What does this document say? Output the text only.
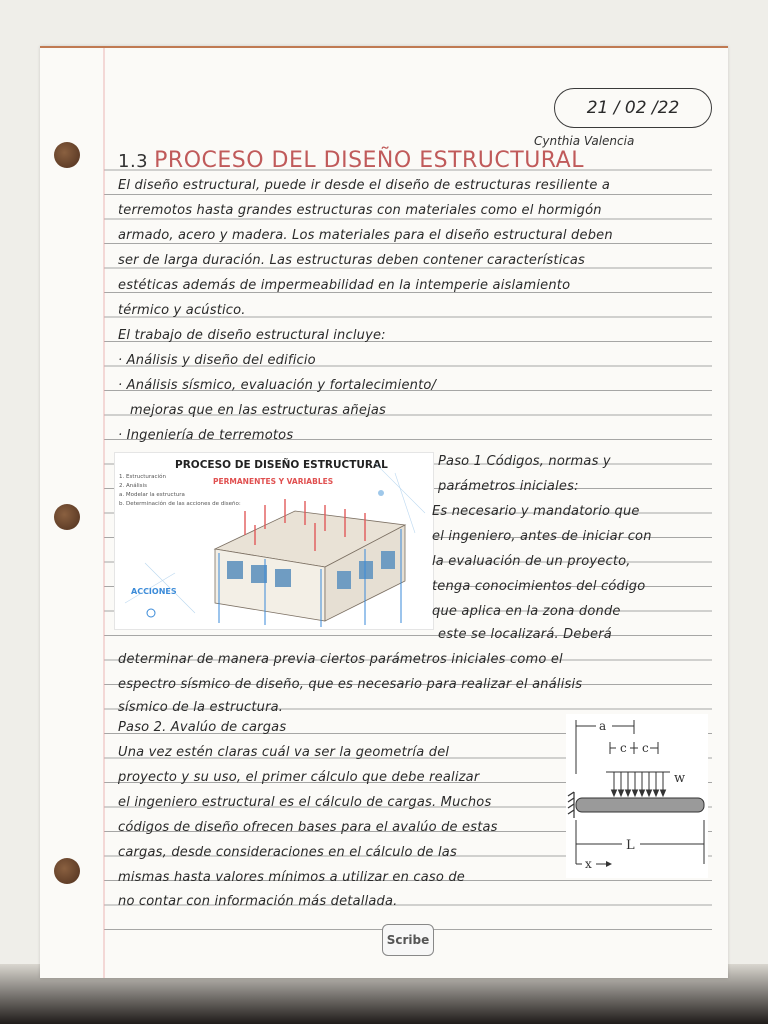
21 / 02 /22
Cynthia Valencia
1.3 PROCESO DEL DISEÑO ESTRUCTURAL
El diseño estructural, puede ir desde el diseño de estructuras resiliente a
terremotos hasta grandes estructuras con materiales como el hormigón
armado, acero y madera. Los materiales para el diseño estructural deben
ser de larga duración. Las estructuras deben contener características
estéticas además de impermeabilidad en la intemperie aislamiento
térmico y acústico.
El trabajo de diseño estructural incluye:
· Análisis y diseño del edificio
· Análisis sísmico, evaluación y fortalecimiento/
mejoras que en las estructuras añejas
· Ingeniería de terremotos
PROCESO DE DISEÑO ESTRUCTURAL
PERMANENTES Y VARIABLES
1. Estructuración
2. Análisis
a. Modelar la estructura
b. Determinación de las acciones de diseño:
ACCIONES
Paso 1 Códigos, normas y
parámetros iniciales:
Es necesario y mandatorio que
el ingeniero, antes de iniciar con
la evaluación de un proyecto,
tenga conocimientos del código
que aplica en la zona donde
este se localizará. Deberá
determinar de manera previa ciertos parámetros iniciales como el
espectro sísmico de diseño, que es necesario para realizar el análisis
sísmico de la estructura.
Paso 2. Avalúo de cargas
Una vez estén claras cuál va ser la geometría del
proyecto y su uso, el primer cálculo que debe realizar
el ingeniero estructural es el cálculo de cargas. Muchos
códigos de diseño ofrecen bases para el avalúo de estas
cargas, desde consideraciones en el cálculo de las
mismas hasta valores mínimos a utilizar en caso de
no contar con información más detallada.
a
c c
w
L
x
Scribe
